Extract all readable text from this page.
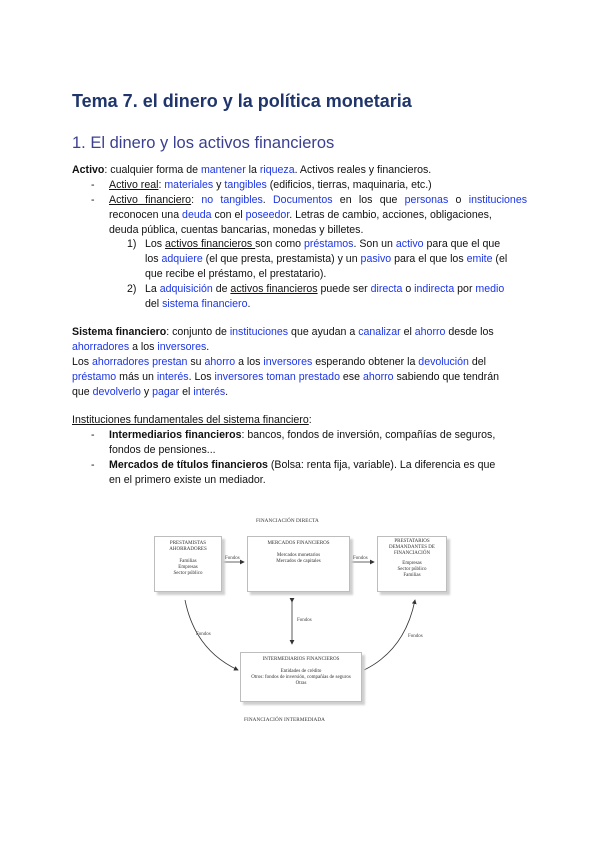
Tema 7. el dinero y la política monetaria
1. El dinero y los activos financieros
Activo: cualquier forma de mantener la riqueza. Activos reales y financieros.
- Activo real: materiales y tangibles (edificios, tierras, maquinaria, etc.)
- Activo financiero: no tangibles. Documentos en los que personas o instituciones
reconocen una deuda con el poseedor. Letras de cambio, acciones, obligaciones,
deuda pública, cuentas bancarias, monedas y billetes.
1) Los activos financieros son como préstamos. Son un activo para que el que
los adquiere (el que presta, prestamista) y un pasivo para el que los emite (el
que recibe el préstamo, el prestatario).
2) La adquisición de activos financieros puede ser directa o indirecta por medio
del sistema financiero.
Sistema financiero: conjunto de instituciones que ayudan a canalizar el ahorro desde los
ahorradores a los inversores.
Los ahorradores prestan su ahorro a los inversores esperando obtener la devolución del
préstamo más un interés. Los inversores toman prestado ese ahorro sabiendo que tendrán
que devolverlo y pagar el interés.
Instituciones fundamentales del sistema financiero:
- Intermediarios financieros: bancos, fondos de inversión, compañías de seguros,
fondos de pensiones...
- Mercados de títulos financieros (Bolsa: renta fija, variable). La diferencia es que
en el primero existe un mediador.
FINANCIACIÓN DIRECTA
FINANCIACIÓN INTERMEDIADA
PRESTAMISTAS
AHORRADORES
Familias
Empresas
Sector público
MERCADOS FINANCIEROS
Mercados monetarios
Mercados de capitales
PRESTATARIOS
DEMANDANTES DE
FINANCIACIÓN
Empresas
Sector público
Familias
INTERMEDIARIOS FINANCIEROS
Entidades de crédito
Otros: fondos de inversión, compañías de seguros
Otras
Fondos	Fondos
Fondos
Fondos	Fondos
